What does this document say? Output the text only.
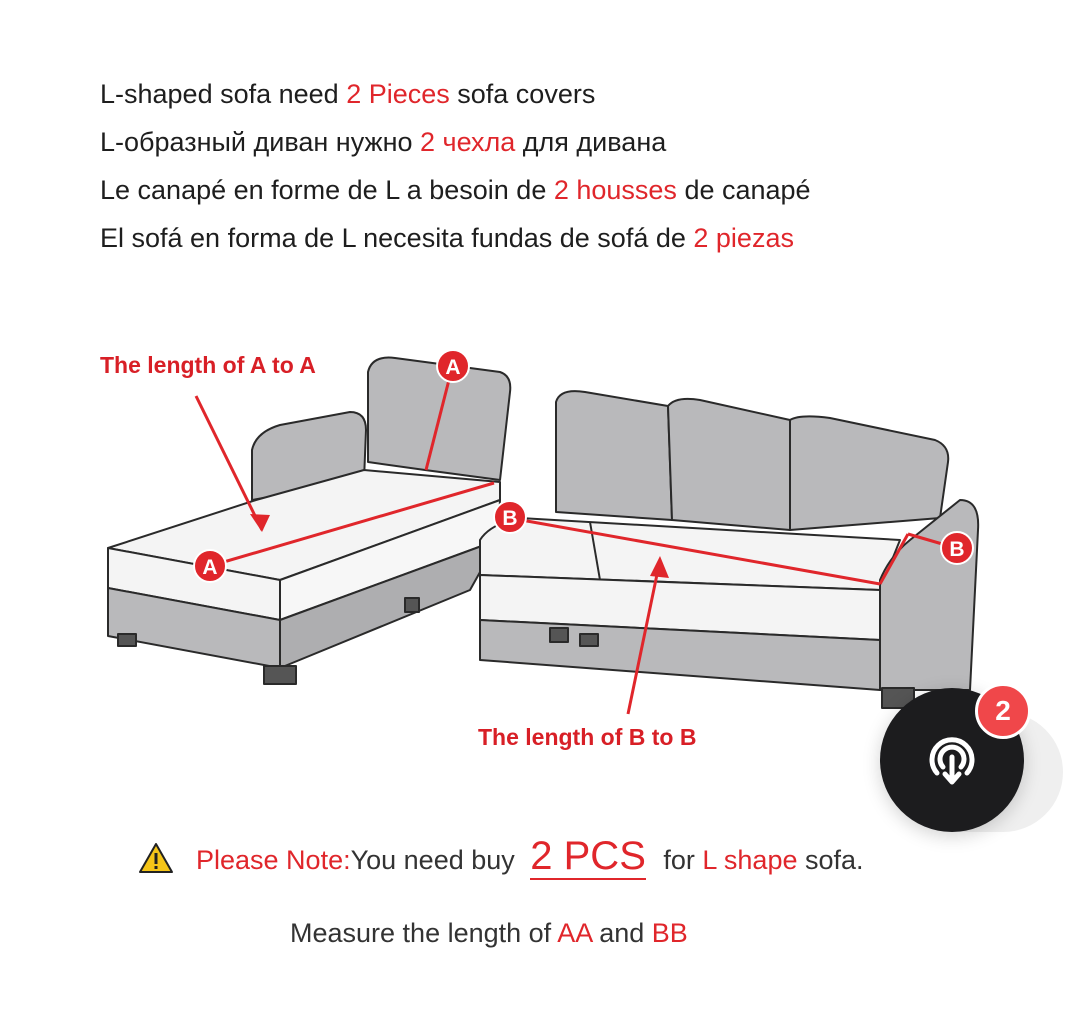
L-shaped sofa need 2 Pieces sofa covers
L-образный диван нужно 2 чехла для дивана
Le canapé en forme de L a besoin de 2 housses de canapé
El sofá en forma de L necesita fundas de sofá de 2 piezas
A
A
B
B
The length of A to A
The length of B to B
Please Note: You need buy 2 PCS for L shape sofa.
Measure the length of AA and BB
2
